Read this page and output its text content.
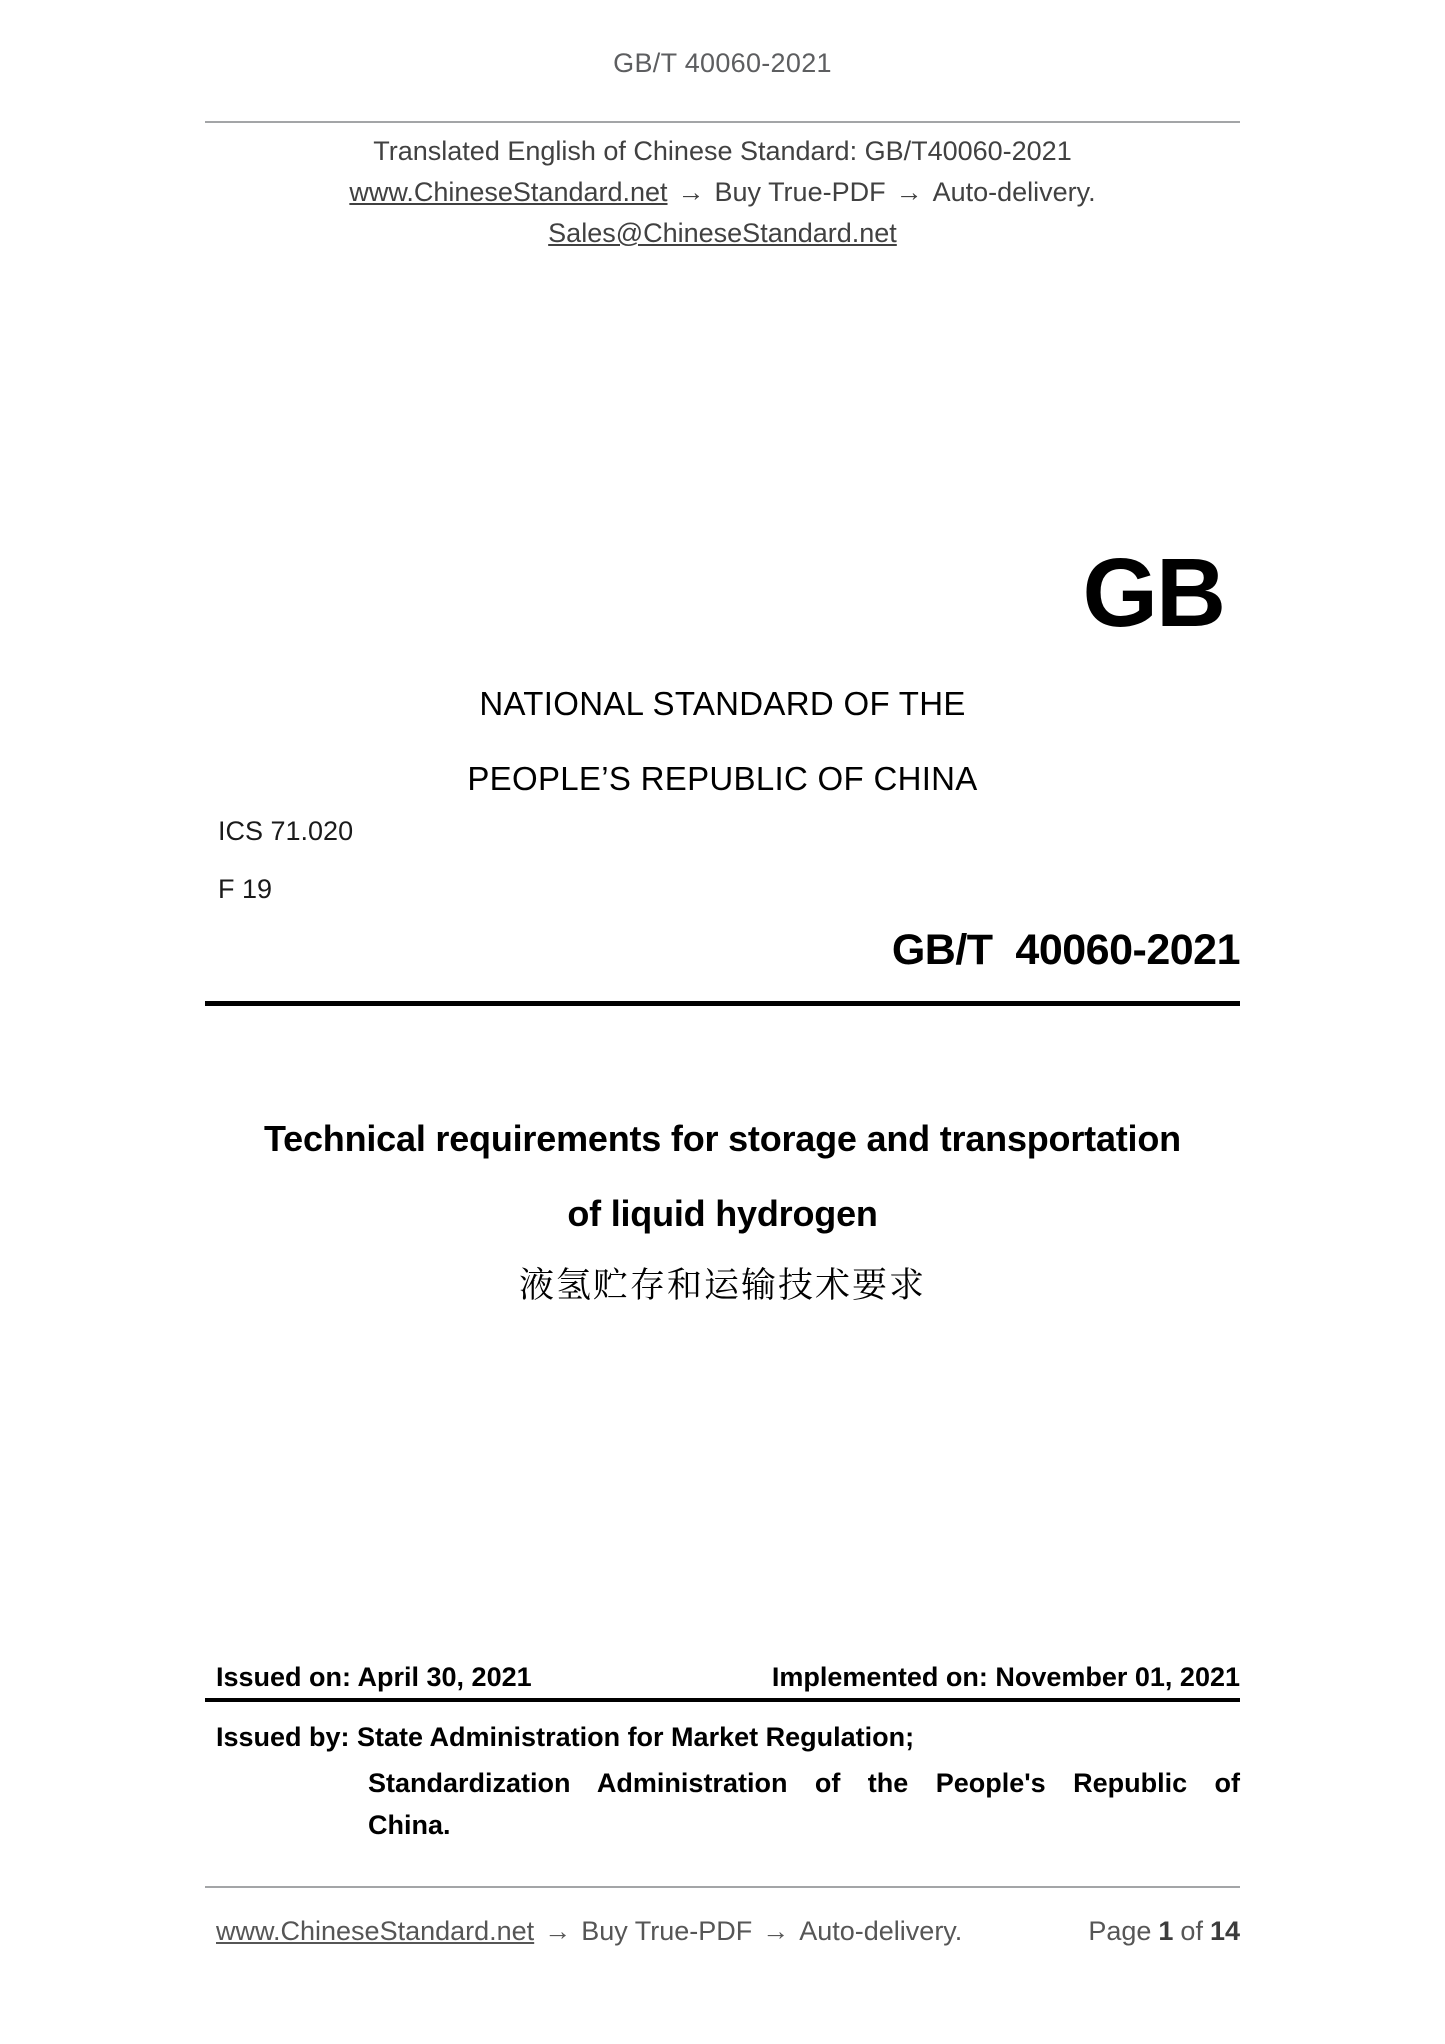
GB/T 40060-2021

Translated English of Chinese Standard: GB/T40060-2021

www.ChineseStandard.net → Buy True-PDF → Auto-delivery.

Sales@ChineseStandard.net

GB
NATIONAL STANDARD OF THE
PEOPLE’S REPUBLIC OF CHINA
ICS 71.020
F 19
GB/T  40060-2021
Technical requirements for storage and transportation
of liquid hydrogen
液氢贮存和运输技术要求
Issued on: April 30, 2021	Implemented on: November 01, 2021
Issued by: State Administration for Market Regulation;
Standardization Administration of the People's Republic of
China.
www.ChineseStandard.net → Buy True-PDF → Auto-delivery.	Page 1 of 14
